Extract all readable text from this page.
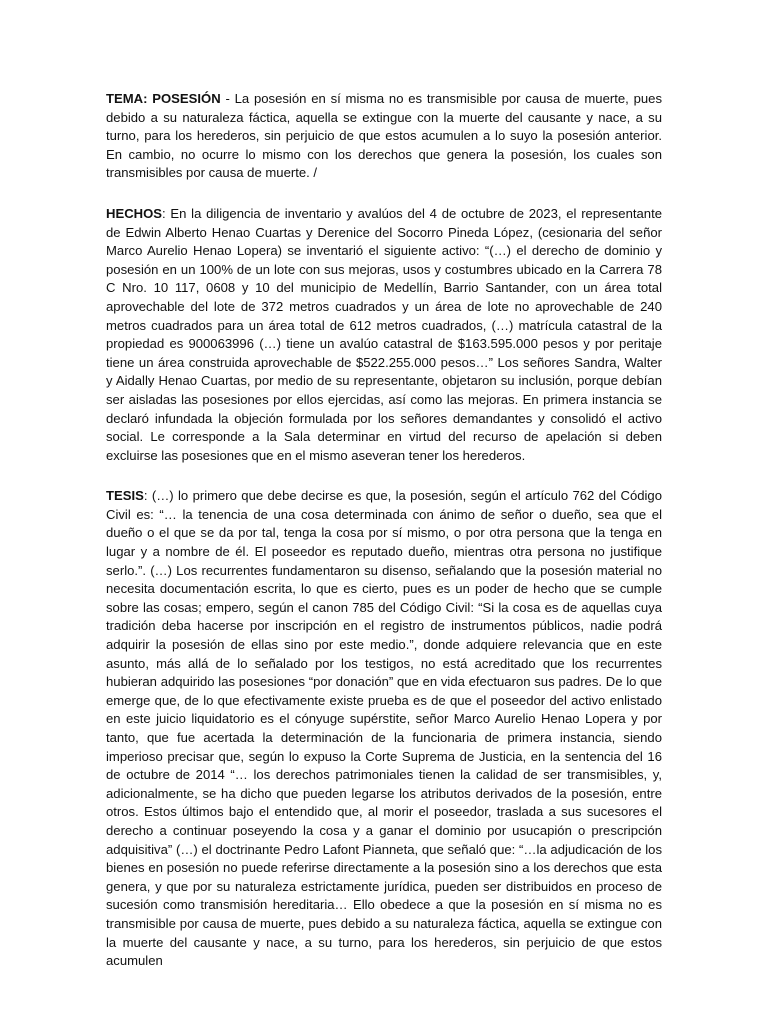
TEMA: POSESIÓN - La posesión en sí misma no es transmisible por causa de muerte, pues debido a su naturaleza fáctica, aquella se extingue con la muerte del causante y nace, a su turno, para los herederos, sin perjuicio de que estos acumulen a lo suyo la posesión anterior. En cambio, no ocurre lo mismo con los derechos que genera la posesión, los cuales son transmisibles por causa de muerte. /

HECHOS: En la diligencia de inventario y avalúos del 4 de octubre de 2023, el representante de Edwin Alberto Henao Cuartas y Derenice del Socorro Pineda López, (cesionaria del señor Marco Aurelio Henao Lopera) se inventarió el siguiente activo: “(…) el derecho de dominio y posesión en un 100% de un lote con sus mejoras, usos y costumbres ubicado en la Carrera 78 C Nro. 10 117, 0608 y 10 del municipio de Medellín, Barrio Santander, con un área total aprovechable del lote de 372 metros cuadrados y un área de lote no aprovechable de 240 metros cuadrados para un área total de 612 metros cuadrados, (…) matrícula catastral de la propiedad es 900063996 (…) tiene un avalúo catastral de $163.595.000 pesos y por peritaje tiene un área construida aprovechable de $522.255.000 pesos…” Los señores Sandra, Walter y Aidally Henao Cuartas, por medio de su representante, objetaron su inclusión, porque debían ser aisladas las posesiones por ellos ejercidas, así como las mejoras. En primera instancia se declaró infundada la objeción formulada por los señores demandantes y consolidó el activo social. Le corresponde a la Sala determinar en virtud del recurso de apelación si deben excluirse las posesiones que en el mismo aseveran tener los herederos.

TESIS: (…) lo primero que debe decirse es que, la posesión, según el artículo 762 del Código Civil es: “… la tenencia de una cosa determinada con ánimo de señor o dueño, sea que el dueño o el que se da por tal, tenga la cosa por sí mismo, o por otra persona que la tenga en lugar y a nombre de él. El poseedor es reputado dueño, mientras otra persona no justifique serlo.”. (…) Los recurrentes fundamentaron su disenso, señalando que la posesión material no necesita documentación escrita, lo que es cierto, pues es un poder de hecho que se cumple sobre las cosas; empero, según el canon 785 del Código Civil: “Si la cosa es de aquellas cuya tradición deba hacerse por inscripción en el registro de instrumentos públicos, nadie podrá adquirir la posesión de ellas sino por este medio.”, donde adquiere relevancia que en este asunto, más allá de lo señalado por los testigos, no está acreditado que los recurrentes hubieran adquirido las posesiones “por donación” que en vida efectuaron sus padres. De lo que emerge que, de lo que efectivamente existe prueba es de que el poseedor del activo enlistado en este juicio liquidatorio es el cónyuge supérstite, señor Marco Aurelio Henao Lopera y por tanto, que fue acertada la determinación de la funcionaria de primera instancia, siendo imperioso precisar que, según lo expuso la Corte Suprema de Justicia, en la sentencia del 16 de octubre de 2014 “… los derechos patrimoniales tienen la calidad de ser transmisibles, y, adicionalmente, se ha dicho que pueden legarse los atributos derivados de la posesión, entre otros. Estos últimos bajo el entendido que, al morir el poseedor, traslada a sus sucesores el derecho a continuar poseyendo la cosa y a ganar el dominio por usucapión o prescripción adquisitiva” (…) el doctrinante Pedro Lafont Pianneta, que señaló que: “…la adjudicación de los bienes en posesión no puede referirse directamente a la posesión sino a los derechos que esta genera, y que por su naturaleza estrictamente jurídica, pueden ser distribuidos en proceso de sucesión como transmisión hereditaria… Ello obedece a que la posesión en sí misma no es transmisible por causa de muerte, pues debido a su naturaleza fáctica, aquella se extingue con la muerte del causante y nace, a su turno, para los herederos, sin perjuicio de que estos acumulen
